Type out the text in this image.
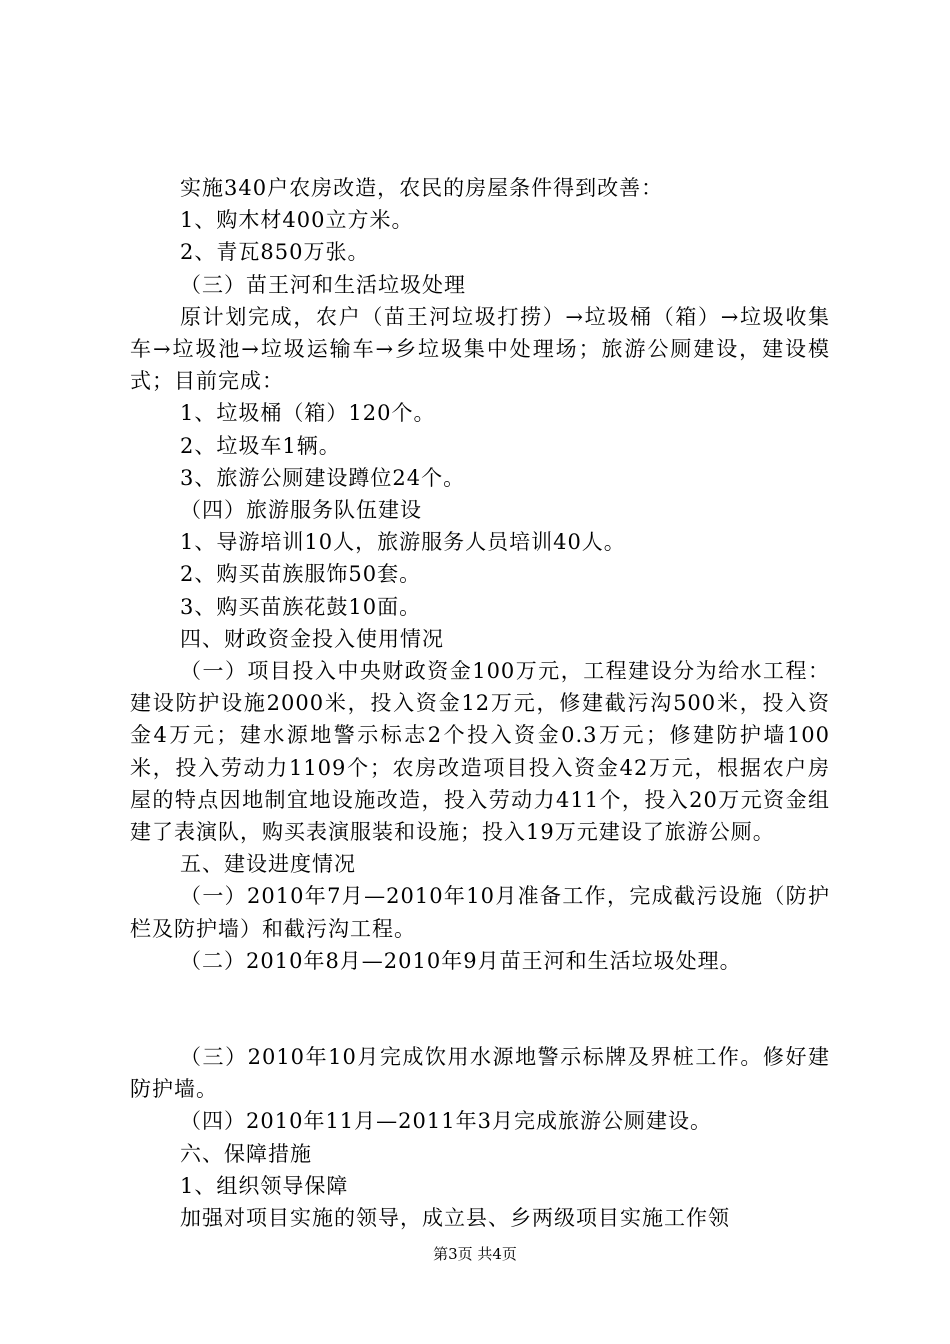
实施340户农房改造，农民的房屋条件得到改善：

1、购木材400立方米。

2、青瓦850万张。

（三）苗王河和生活垃圾处理

原计划完成，农户（苗王河垃圾打捞）→垃圾桶（箱）→垃圾收集车→垃圾池→垃圾运输车→乡垃圾集中处理场；旅游公厕建设，建设模式；目前完成：

1、垃圾桶（箱）120个。

2、垃圾车1辆。

3、旅游公厕建设蹲位24个。

（四）旅游服务队伍建设

1、导游培训10人，旅游服务人员培训40人。

2、购买苗族服饰50套。

3、购买苗族花鼓10面。

四、财政资金投入使用情况

（一）项目投入中央财政资金100万元，工程建设分为给水工程：建设防护设施2000米，投入资金12万元，修建截污沟500米，投入资金4万元；建水源地警示标志2个投入资金0.3万元；修建防护墙100米，投入劳动力1109个；农房改造项目投入资金42万元，根据农户房屋的特点因地制宜地设施改造，投入劳动力411个，投入20万元资金组建了表演队，购买表演服装和设施；投入19万元建设了旅游公厕。

五、建设进度情况

（一）2010年7月—2010年10月准备工作，完成截污设施（防护栏及防护墙）和截污沟工程。

（二）2010年8月—2010年9月苗王河和生活垃圾处理。

（三）2010年10月完成饮用水源地警示标牌及界桩工作。修好建防护墙。

（四）2010年11月—2011年3月完成旅游公厕建设。

六、保障措施

1、组织领导保障

加强对项目实施的领导，成立县、乡两级项目实施工作领

第3页 共4页
